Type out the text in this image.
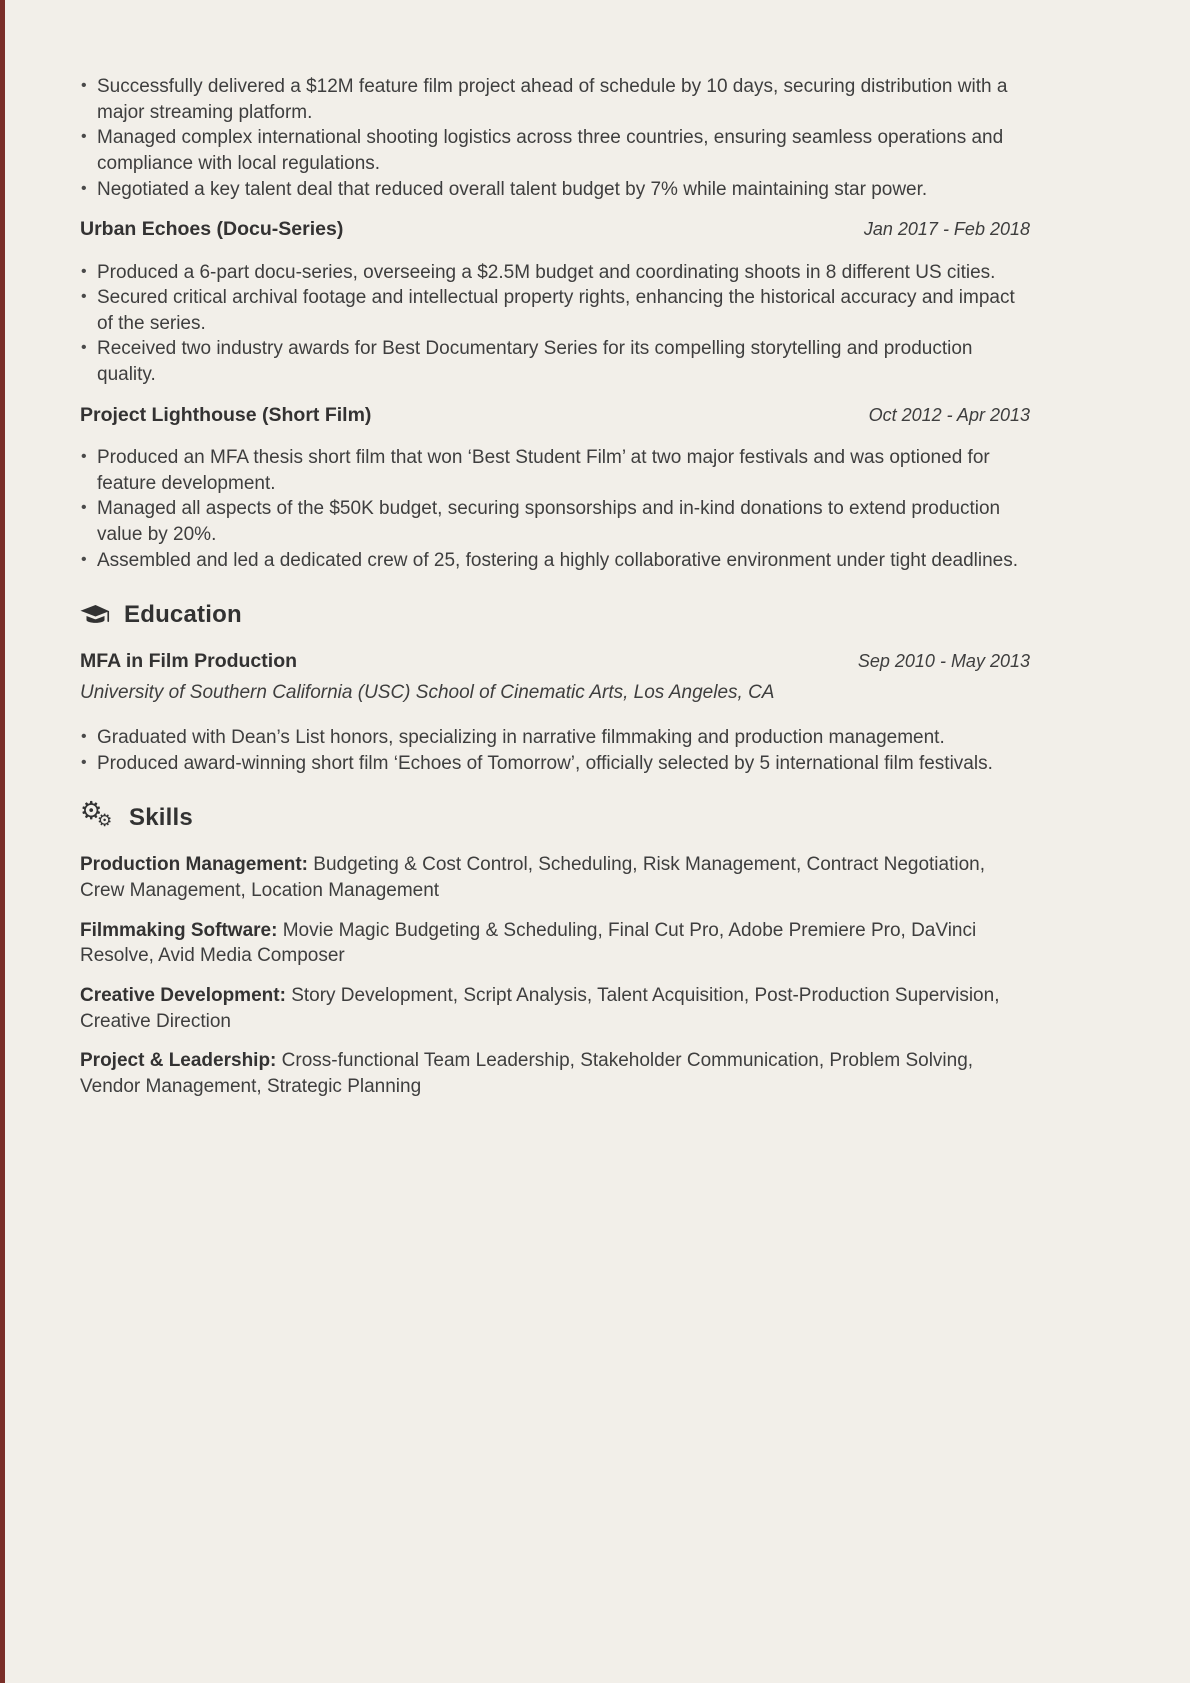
• Successfully delivered a $12M feature film project ahead of schedule by 10 days, securing distribution with a major streaming platform.
• Managed complex international shooting logistics across three countries, ensuring seamless operations and compliance with local regulations.
• Negotiated a key talent deal that reduced overall talent budget by 7% while maintaining star power.
Urban Echoes (Docu-Series)	Jan 2017 - Feb 2018
• Produced a 6-part docu-series, overseeing a $2.5M budget and coordinating shoots in 8 different US cities.
• Secured critical archival footage and intellectual property rights, enhancing the historical accuracy and impact of the series.
• Received two industry awards for Best Documentary Series for its compelling storytelling and production quality.
Project Lighthouse (Short Film)	Oct 2012 - Apr 2013
• Produced an MFA thesis short film that won ‘Best Student Film’ at two major festivals and was optioned for feature development.
• Managed all aspects of the $50K budget, securing sponsorships and in-kind donations to extend production value by 20%.
• Assembled and led a dedicated crew of 25, fostering a highly collaborative environment under tight deadlines.
Education
MFA in Film Production	Sep 2010 - May 2013
University of Southern California (USC) School of Cinematic Arts, Los Angeles, CA
• Graduated with Dean’s List honors, specializing in narrative filmmaking and production management.
• Produced award-winning short film ‘Echoes of Tomorrow’, officially selected by 5 international film festivals.
⚙
⚙ Skills

Production Management: Budgeting & Cost Control, Scheduling, Risk Management, Contract Negotiation, Crew Management, Location Management

Filmmaking Software: Movie Magic Budgeting & Scheduling, Final Cut Pro, Adobe Premiere Pro, DaVinci Resolve, Avid Media Composer

Creative Development: Story Development, Script Analysis, Talent Acquisition, Post-Production Supervision, Creative Direction

Project & Leadership: Cross-functional Team Leadership, Stakeholder Communication, Problem Solving, Vendor Management, Strategic Planning
